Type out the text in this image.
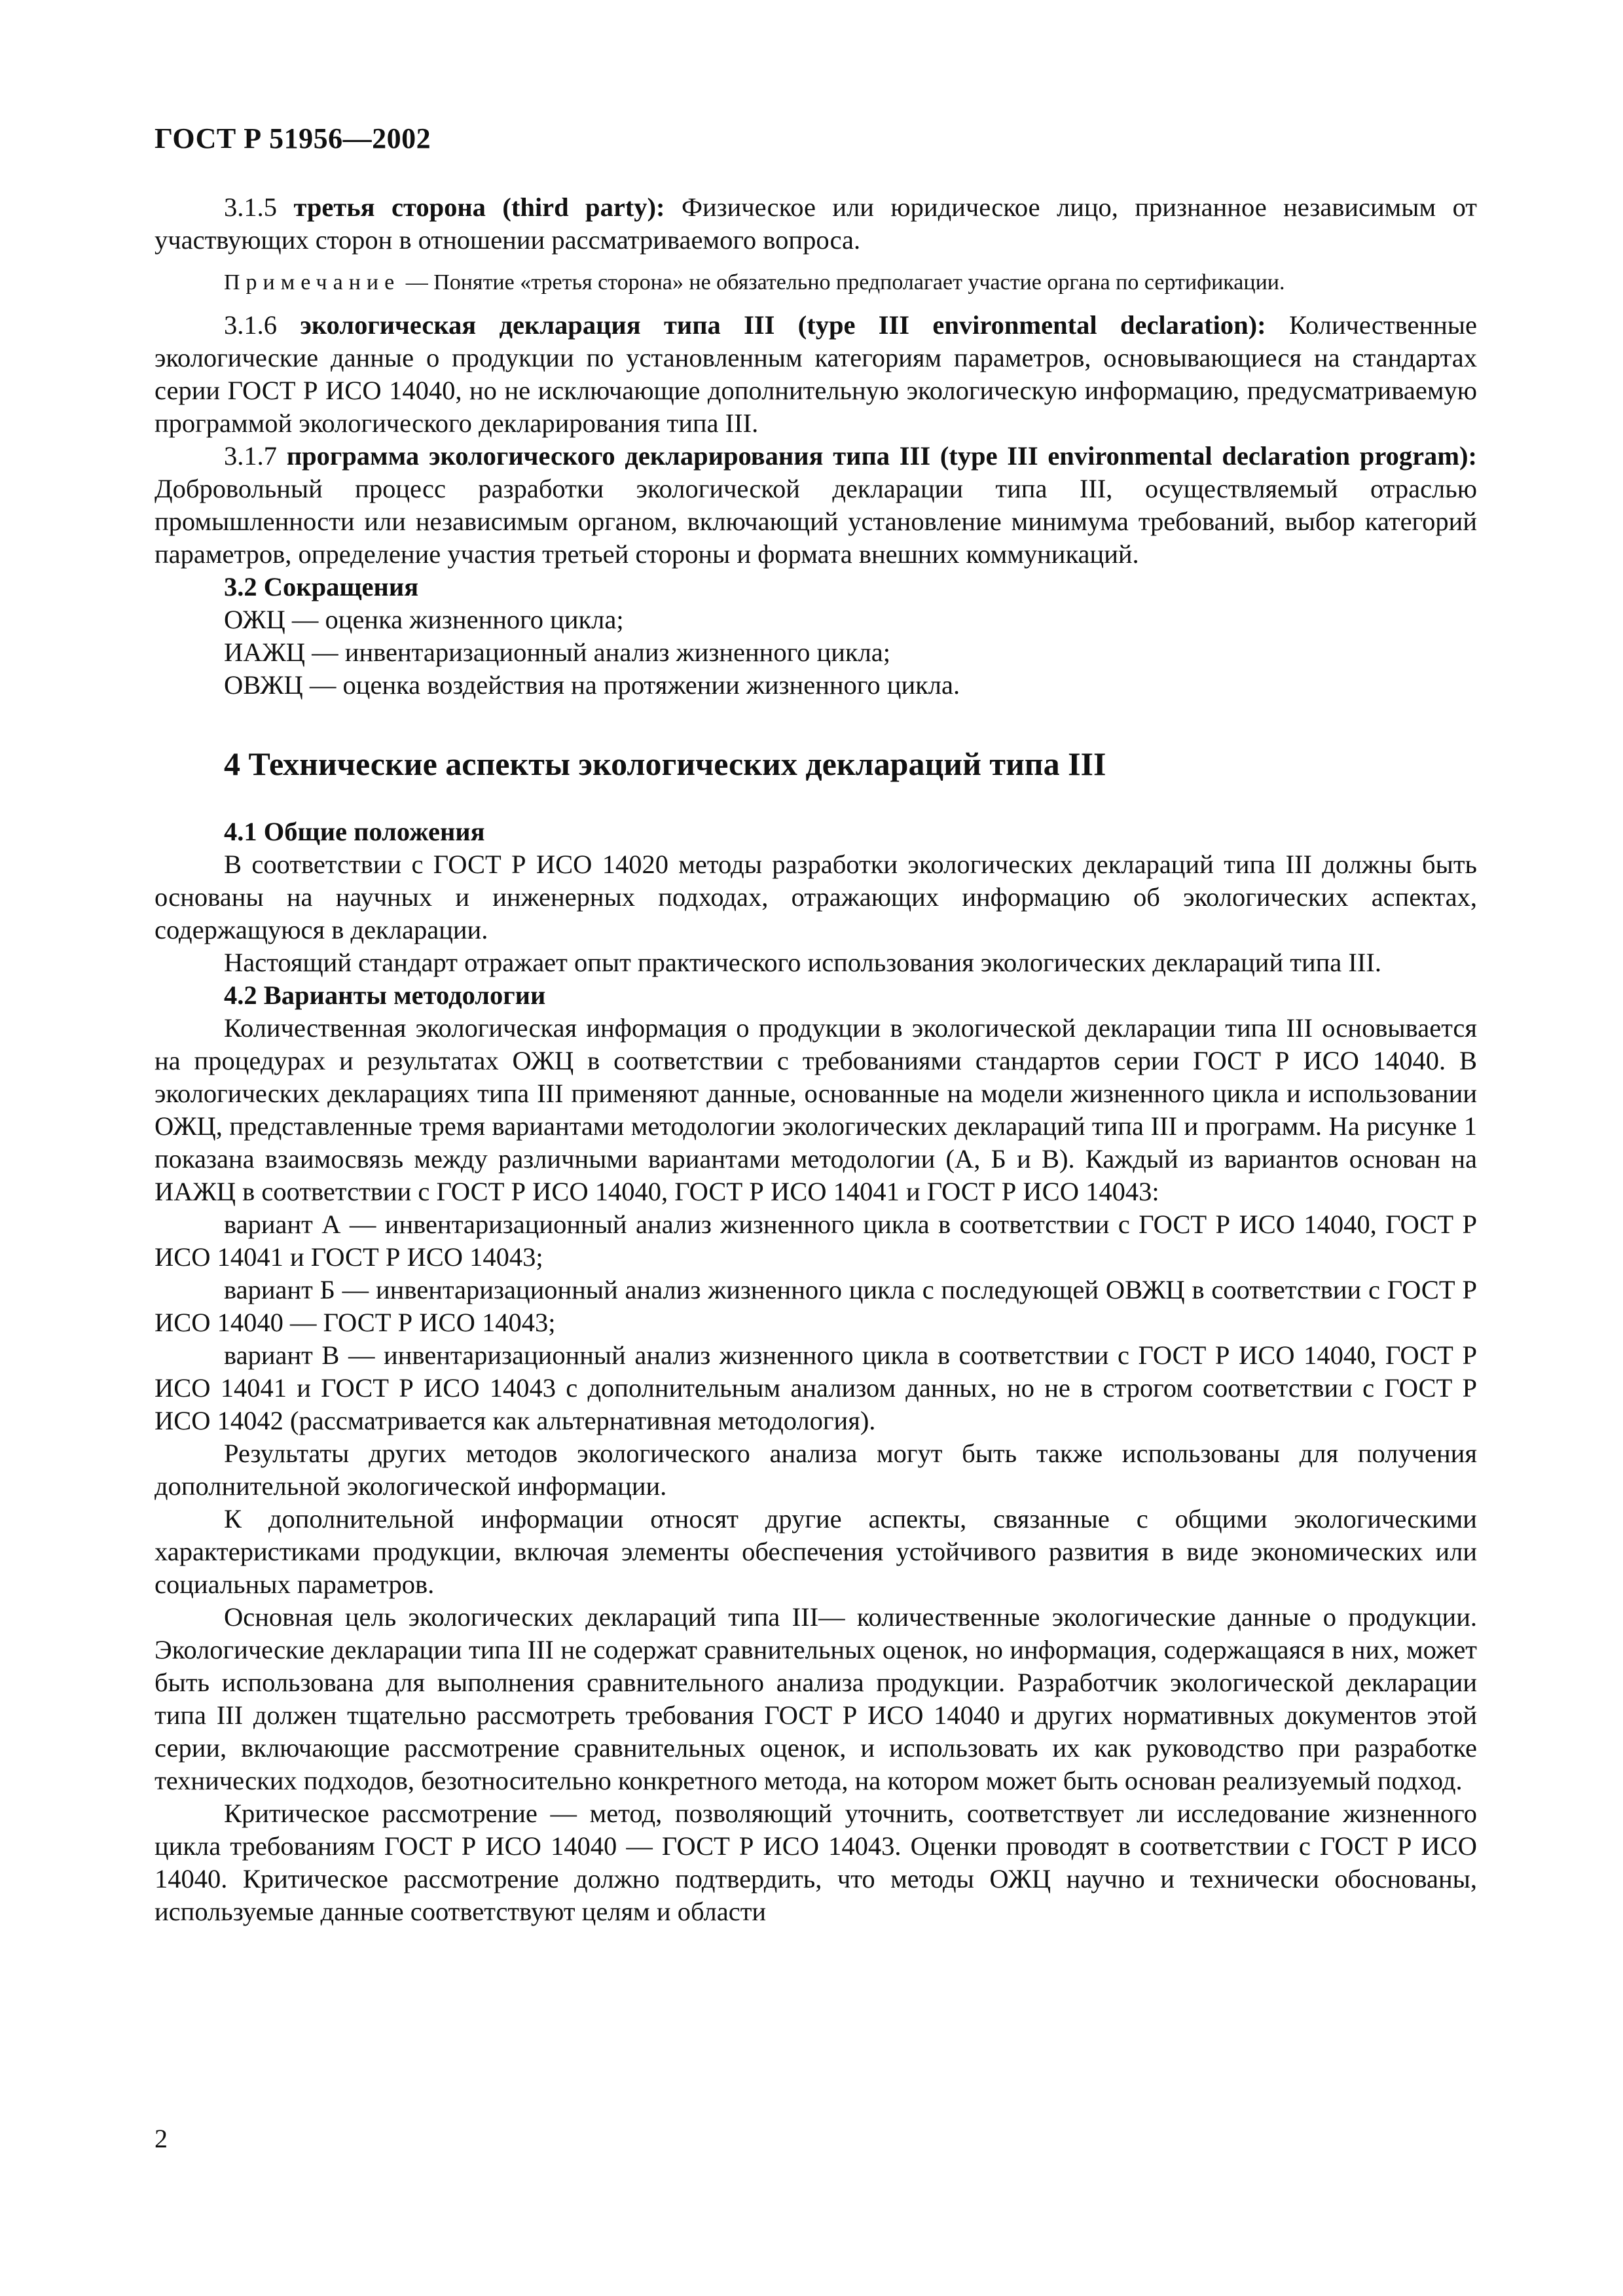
ГОСТ Р 51956—2002

3.1.5 третья сторона (third party): Физическое или юридическое лицо, признанное независимым от участвующих сторон в отношении рассматриваемого вопроса.

Примечание — Понятие «третья сторона» не обязательно предполагает участие органа по сертификации.

3.1.6 экологическая декларация типа III (type III environmental declaration): Количественные экологические данные о продукции по установленным категориям параметров, основывающиеся на стандартах серии ГОСТ Р ИСО 14040, но не исключающие дополнительную экологическую информацию, предусматриваемую программой экологического декларирования типа III.

3.1.7 программа экологического декларирования типа III (type III environmental declaration program): Добровольный процесс разработки экологической декларации типа III, осуществляемый отраслью промышленности или независимым органом, включающий установление минимума требований, выбор категорий параметров, определение участия третьей стороны и формата внешних коммуникаций.

3.2 Сокращения

ОЖЦ — оценка жизненного цикла;

ИАЖЦ — инвентаризационный анализ жизненного цикла;

ОВЖЦ — оценка воздействия на протяжении жизненного цикла.

4 Технические аспекты экологических деклараций типа III
4.1 Общие положения

В соответствии с ГОСТ Р ИСО 14020 методы разработки экологических деклараций типа III должны быть основаны на научных и инженерных подходах, отражающих информацию об экологических аспектах, содержащуюся в декларации.

Настоящий стандарт отражает опыт практического использования экологических деклараций типа III.

4.2 Варианты методологии

Количественная экологическая информация о продукции в экологической декларации типа III основывается на процедурах и результатах ОЖЦ в соответствии с требованиями стандартов серии ГОСТ Р ИСО 14040. В экологических декларациях типа III применяют данные, основанные на модели жизненного цикла и использовании ОЖЦ, представленные тремя вариантами методологии экологических деклараций типа III и программ. На рисунке 1 показана взаимосвязь между различными вариантами методологии (А, Б и В). Каждый из вариантов основан на ИАЖЦ в соответствии с ГОСТ Р ИСО 14040, ГОСТ Р ИСО 14041 и ГОСТ Р ИСО 14043:

вариант А — инвентаризационный анализ жизненного цикла в соответствии с ГОСТ Р ИСО 14040, ГОСТ Р ИСО 14041 и ГОСТ Р ИСО 14043;

вариант Б — инвентаризационный анализ жизненного цикла с последующей ОВЖЦ в соответствии с ГОСТ Р ИСО 14040 — ГОСТ Р ИСО 14043;

вариант В — инвентаризационный анализ жизненного цикла в соответствии с ГОСТ Р ИСО 14040, ГОСТ Р ИСО 14041 и ГОСТ Р ИСО 14043 с дополнительным анализом данных, но не в строгом соответствии с ГОСТ Р ИСО 14042 (рассматривается как альтернативная методология).

Результаты других методов экологического анализа могут быть также использованы для получения дополнительной экологической информации.

К дополнительной информации относят другие аспекты, связанные с общими экологическими характеристиками продукции, включая элементы обеспечения устойчивого развития в виде экономических или социальных параметров.

Основная цель экологических деклараций типа III— количественные экологические данные о продукции. Экологические декларации типа III не содержат сравнительных оценок, но информация, содержащаяся в них, может быть использована для выполнения сравнительного анализа продукции. Разработчик экологической декларации типа III должен тщательно рассмотреть требования ГОСТ Р ИСО 14040 и других нормативных документов этой серии, включающие рассмотрение сравнительных оценок, и использовать их как руководство при разработке технических подходов, безотносительно конкретного метода, на котором может быть основан реализуемый подход.

Критическое рассмотрение — метод, позволяющий уточнить, соответствует ли исследование жизненного цикла требованиям ГОСТ Р ИСО 14040 — ГОСТ Р ИСО 14043. Оценки проводят в соответствии с ГОСТ Р ИСО 14040. Критическое рассмотрение должно подтвердить, что методы ОЖЦ научно и технически обоснованы, используемые данные соответствуют целям и области

2
